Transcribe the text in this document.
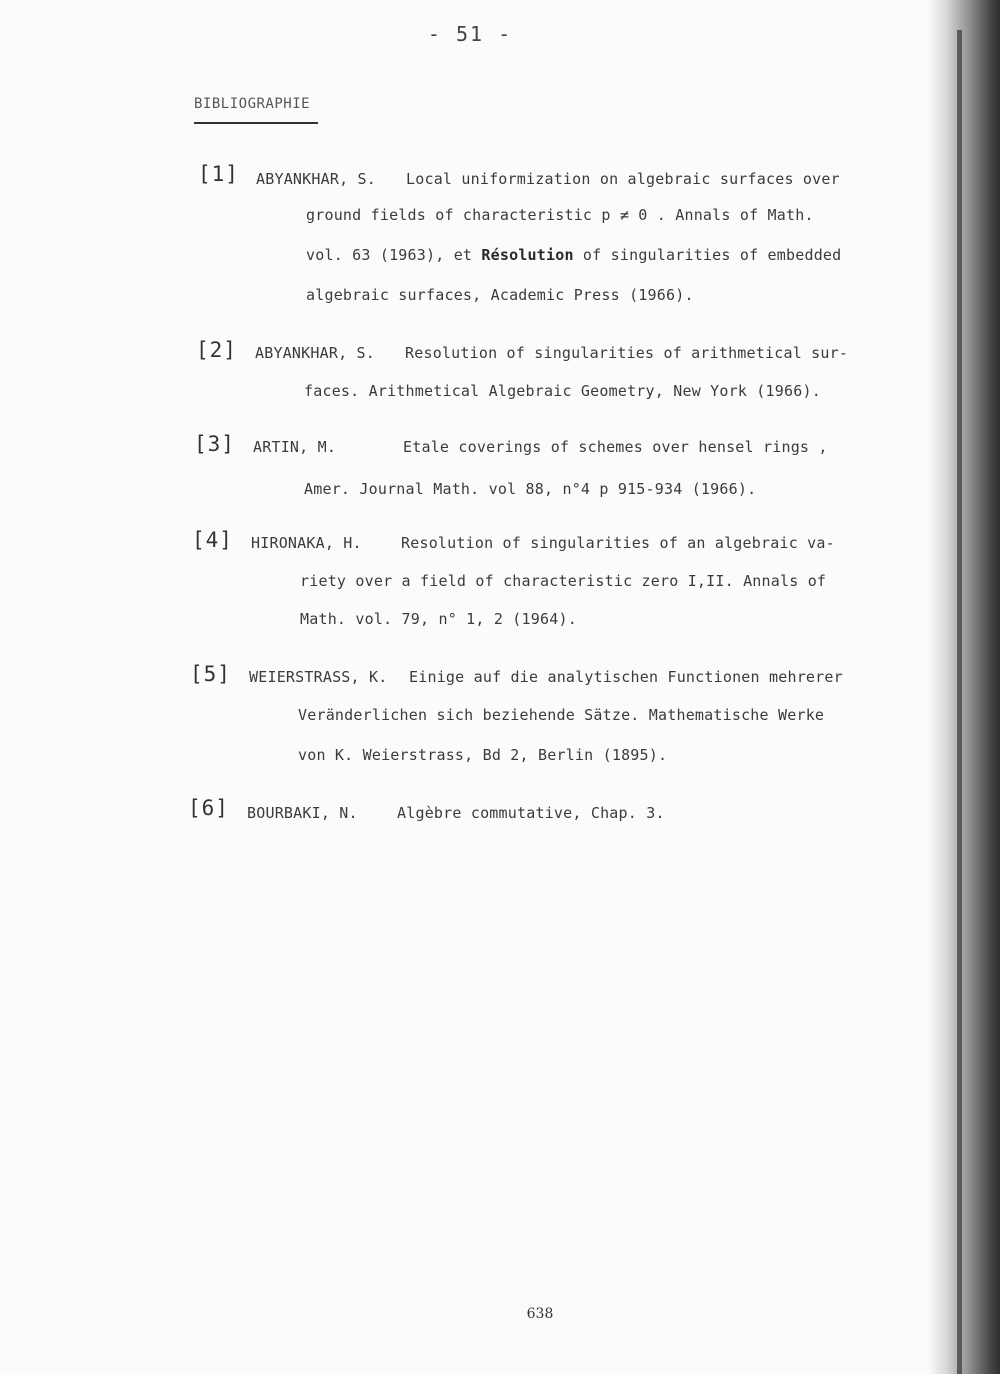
- 51 -
BIBLIOGRAPHIE
[1] ABYANKHAR, S. Local uniformization on algebraic surfaces over
ground fields of characteristic p ≠ 0 . Annals of Math.
vol. 63 (1963), et Résolution of singularities of embedded
algebraic surfaces, Academic Press (1966).
[2] ABYANKHAR, S. Resolution of singularities of arithmetical sur-
faces. Arithmetical Algebraic Geometry, New York (1966).
[3] ARTIN, M.	Etale coverings of schemes over hensel rings ,
Amer. Journal Math. vol 88, n°4 p 915-934 (1966).
[4] HIRONAKA, H.	Resolution of singularities of an algebraic va-
riety over a field of characteristic zero I,II. Annals of
Math. vol. 79, n° 1, 2 (1964).
[5] WEIERSTRASS, K. Einige auf die analytischen Functionen mehrerer
Veränderlichen sich beziehende Sätze. Mathematische Werke
von K. Weierstrass, Bd 2, Berlin (1895).
[6] BOURBAKI, N.	Algèbre commutative, Chap. 3.
638
